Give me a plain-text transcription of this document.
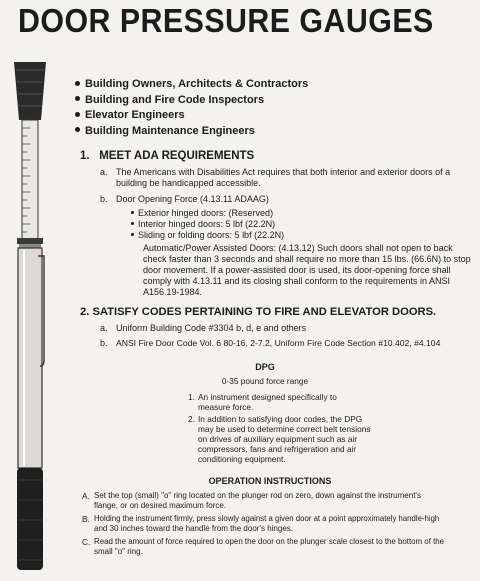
DOOR PRESSURE GAUGES
Building Owners, Architects & Contractors
Building and Fire Code Inspectors
Elevator Engineers
Building Maintenance Engineers
1. MEET ADA REQUIREMENTS
a. The Americans with Disabilities Act requires that both interior and exterior doors of a
building be handicapped accessible.
b. Door Opening Force (4.13.11 ADAAG)
Exterior hinged doors: (Reserved)
Interior hinged doors: 5 lbf (22.2N)
Sliding or folding doors: 5 lbf (22.2N)
Automatic/Power Assisted Doors: (4.13.12) Such doors shall not open to back
check faster than 3 seconds and shall require no more than 15 lbs. (66.6N) to stop
door movement. If a power-assisted door is used, its door-opening force shall
comply with 4.13.11 and its closing shall conform to the requirements in ANSI
A156.19-1984.
2. SATISFY CODES PERTAINING TO FIRE AND ELEVATOR DOORS.
a. Uniform Building Code #3304 b, d, e and others
b. ANSI Fire Door Code Vol. 6 80-16, 2-7.2, Uniform Fire Code Section #10.402, #4.104
DPG
0-35 pound force range
1. An instrument designed specifically to
measure force.
2. In addition to satisfying door codes, the DPG
may be used to determine correct belt tensions
on drives of auxiliary equipment such as air
compressors, fans and refrigeration and air
conditioning equipment.
OPERATION INSTRUCTIONS
A. Set the top (small) "o" ring located on the plunger rod on zero, down against the instrument's
flange, or on desired maximum force.
B. Holding the instrument firmly, press slowly against a given door at a point approximately handle-high
and 30 inches toward the handle from the door's hinges.
C. Read the amount of force required to open the door on the plunger scale closest to the bottom of the
small "o" ring.
